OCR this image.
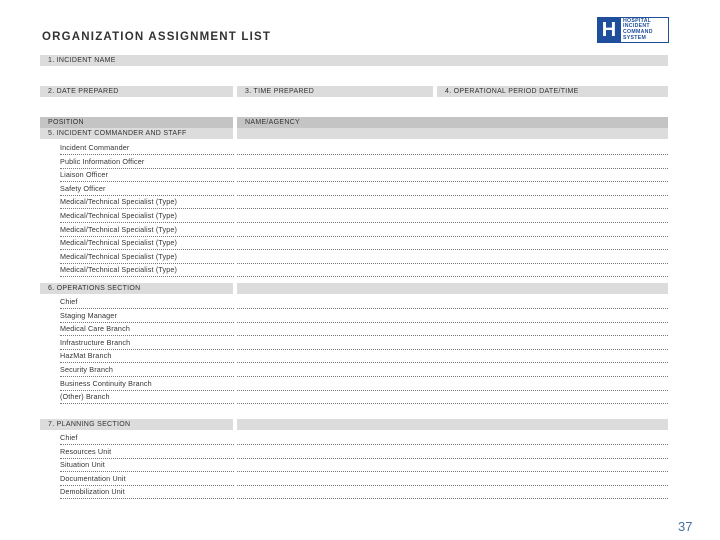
ORGANIZATION ASSIGNMENT LIST	H	HOSPITAL
INCIDENT
COMMAND
SYSTEM
1. INCIDENT NAME
2. DATE PREPARED	3. TIME PREPARED	4. OPERATIONAL PERIOD DATE/TIME
POSITION	NAME/AGENCY
5. INCIDENT COMMANDER AND STAFF
Incident Commander
Public Information Officer
Liaison Officer
Safety Officer
Medical/Technical Specialist (Type)
Medical/Technical Specialist (Type)
Medical/Technical Specialist (Type)
Medical/Technical Specialist (Type)
Medical/Technical Specialist (Type)
Medical/Technical Specialist (Type)
6. OPERATIONS SECTION
Chief
Staging Manager
Medical Care Branch
Infrastructure Branch
HazMat Branch
Security Branch
Business Continuity Branch
(Other) Branch
7. PLANNING SECTION
Chief
Resources Unit
Situation Unit
Documentation Unit
Demobilization Unit
37
